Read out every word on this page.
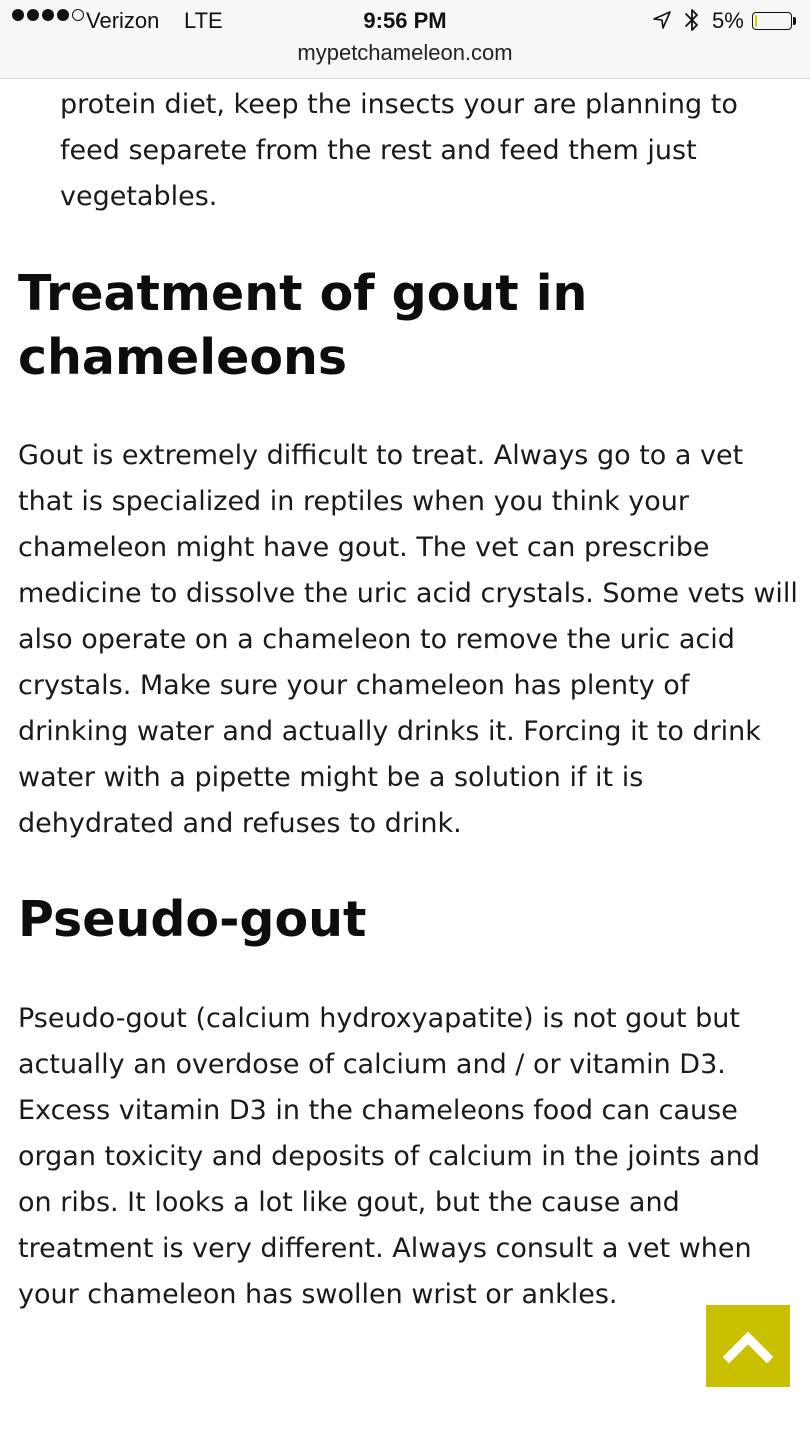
Verizon LTE	9:56 PM	5%
mypetchameleon.com
protein diet, keep the insects your are planning to feed separete from the rest and feed them just vegetables.
Treatment of gout in chameleons
Gout is extremely difficult to treat. Always go to a vet that is specialized in reptiles when you think your chameleon might have gout. The vet can prescribe medicine to dissolve the uric acid crystals. Some vets will also operate on a chameleon to remove the uric acid crystals. Make sure your chameleon has plenty of drinking water and actually drinks it. Forcing it to drink water with a pipette might be a solution if it is dehydrated and refuses to drink.
Pseudo-gout
Pseudo-gout (calcium hydroxyapatite) is not gout but actually an overdose of calcium and / or vitamin D3. Excess vitamin D3 in the chameleons food can cause organ toxicity and deposits of calcium in the joints and on ribs. It looks a lot like gout, but the cause and treatment is very different. Always consult a vet when your chameleon has swollen wrist or ankles.
